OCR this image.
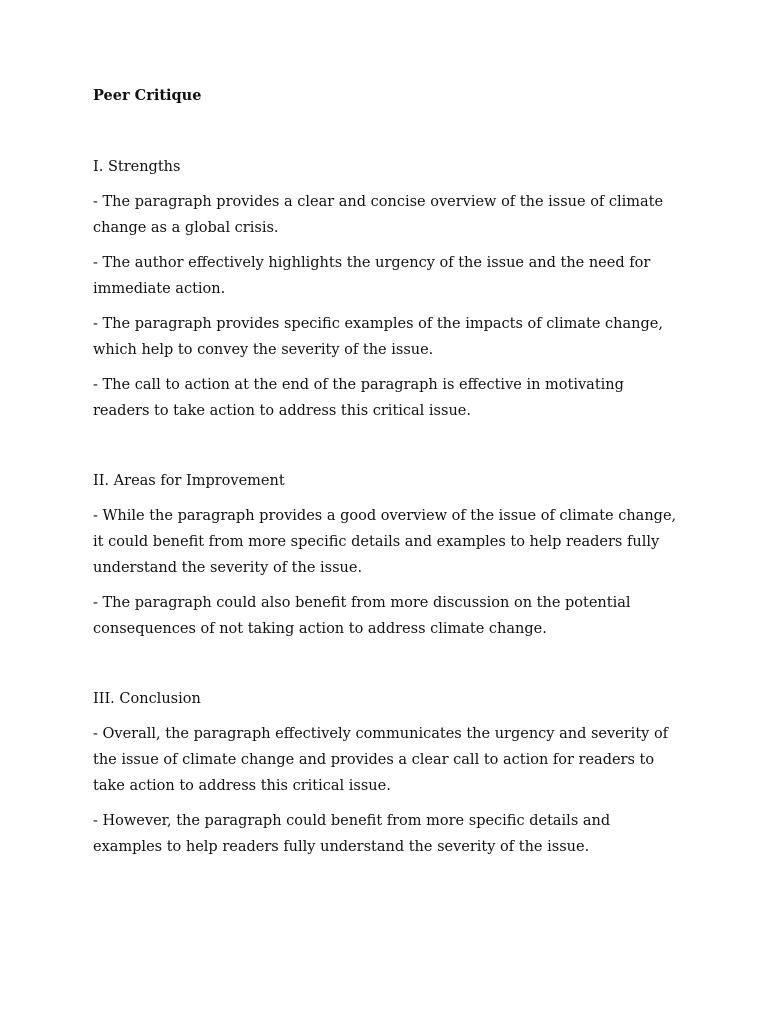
Peer Critique
I. Strengths

- The paragraph provides a clear and concise overview of the issue of climate change as a global crisis.

- The author effectively highlights the urgency of the issue and the need for immediate action.

- The paragraph provides specific examples of the impacts of climate change, which help to convey the severity of the issue.

- The call to action at the end of the paragraph is effective in motivating readers to take action to address this critical issue.

II. Areas for Improvement

- While the paragraph provides a good overview of the issue of climate change, it could benefit from more specific details and examples to help readers fully understand the severity of the issue.

- The paragraph could also benefit from more discussion on the potential consequences of not taking action to address climate change.

III. Conclusion

- Overall, the paragraph effectively communicates the urgency and severity of the issue of climate change and provides a clear call to action for readers to take action to address this critical issue.

- However, the paragraph could benefit from more specific details and examples to help readers fully understand the severity of the issue.
